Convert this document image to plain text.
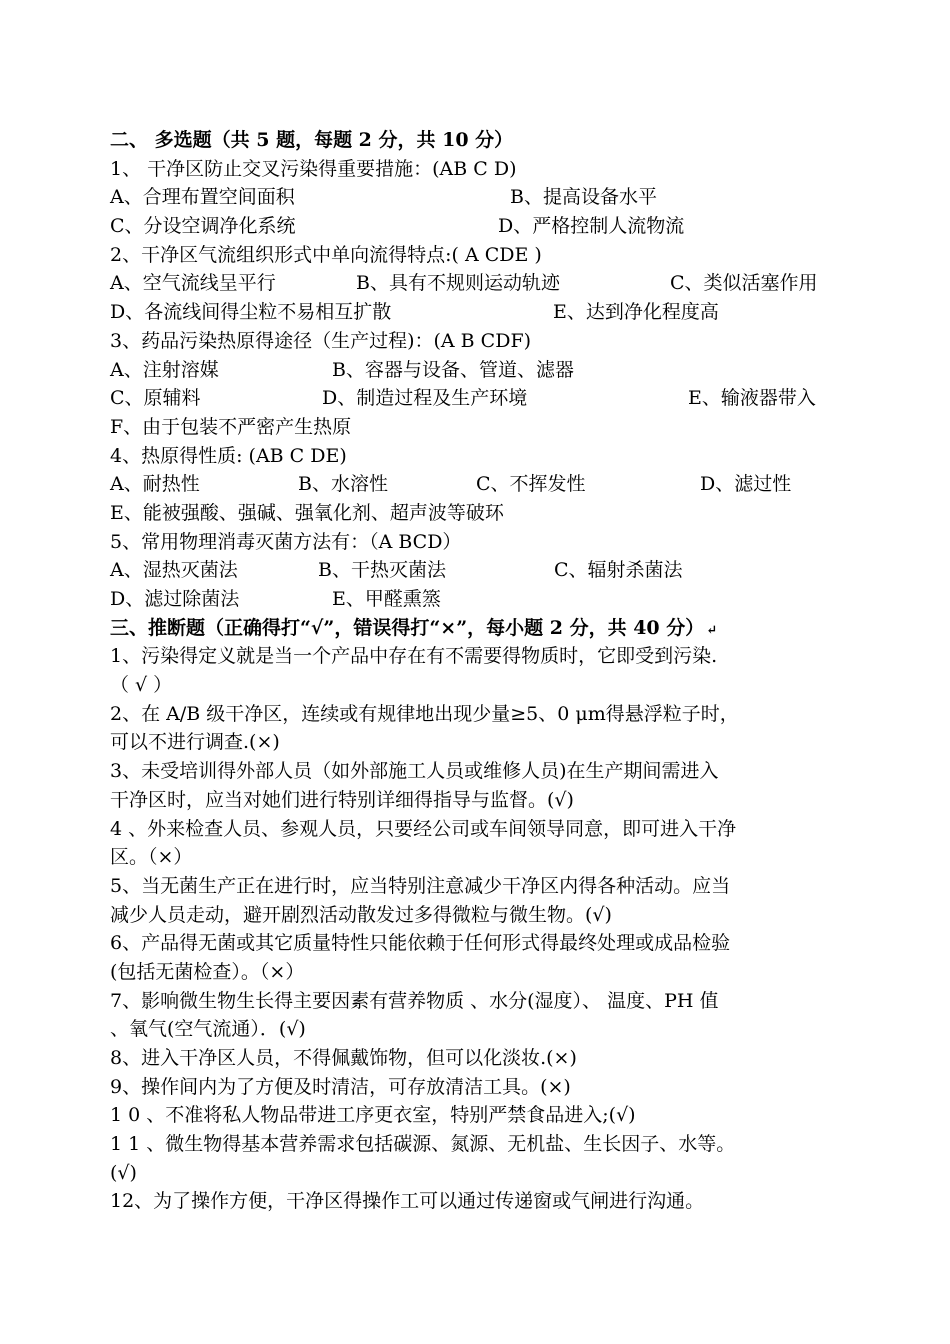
二、 多选题（共 5 题，每题 2 分，共 10 分）
1、 干净区防止交叉污染得重要措施：(AB C D)
A、合理布置空间面积	B、提高设备水平
C、分设空调净化系统	D、严格控制人流物流
2、干净区气流组织形式中单向流得特点:( A CDE )
A、空气流线呈平行	B、具有不规则运动轨迹	C、类似活塞作用
D、各流线间得尘粒不易相互扩散	E、达到净化程度高
3、药品污染热原得途径（生产过程)：(A B CDF)
A、注射溶媒	B、容器与设备、管道、滤器
C、原辅料	D、制造过程及生产环境	E、输液器带入
F、由于包装不严密产生热原
4、热原得性质: (AB C DE)
A、耐热性	B、水溶性	C、不挥发性	D、滤过性
E、能被强酸、强碱、强氧化剂、超声波等破环
5、常用物理消毒灭菌方法有：（A BCD）
A、湿热灭菌法	B、干热灭菌法	C、辐射杀菌法
D、滤过除菌法	E、甲醛熏篜
三、推断题（正确得打“√”，错误得打“×”，每小题 2 分，共 40 分） ↵
1、污染得定义就是当一个产品中存在有不需要得物质时，它即受到污染.
（ √ ）
2、在 A/B 级干净区，连续或有规律地出现少量≥5、0 μm得悬浮粒子时，
可以不进行调查.(×)
3、未受培训得外部人员（如外部施工人员或维修人员)在生产期间需进入
干净区时，应当对她们进行特别详细得指导与监督。(√)
4 、外来检查人员、参观人员，只要经公司或车间领导同意，即可进入干净
区。（×）
5、当无菌生产正在进行时，应当特别注意减少干净区内得各种活动。应当
减少人员走动，避开剧烈活动散发过多得微粒与微生物。(√)
6、产品得无菌或其它质量特性只能依赖于任何形式得最终处理或成品检验
(包括无菌检查）。（×）
7、影响微生物生长得主要因素有营养物质 、水分(湿度）、 温度、PH 值
、氧气(空气流通）．(√)
8、进入干净区人员，不得佩戴饰物，但可以化淡妆.(×)
9、操作间内为了方便及时清洁，可存放清洁工具。(×)
1 0 、不准将私人物品带进工序更衣室，特别严禁食品进入;(√)
1 1 、微生物得基本营养需求包括碳源、氮源、无机盐、生长因子、水等。
(√)
12、为了操作方便，干净区得操作工可以通过传递窗或气闸进行沟通。
